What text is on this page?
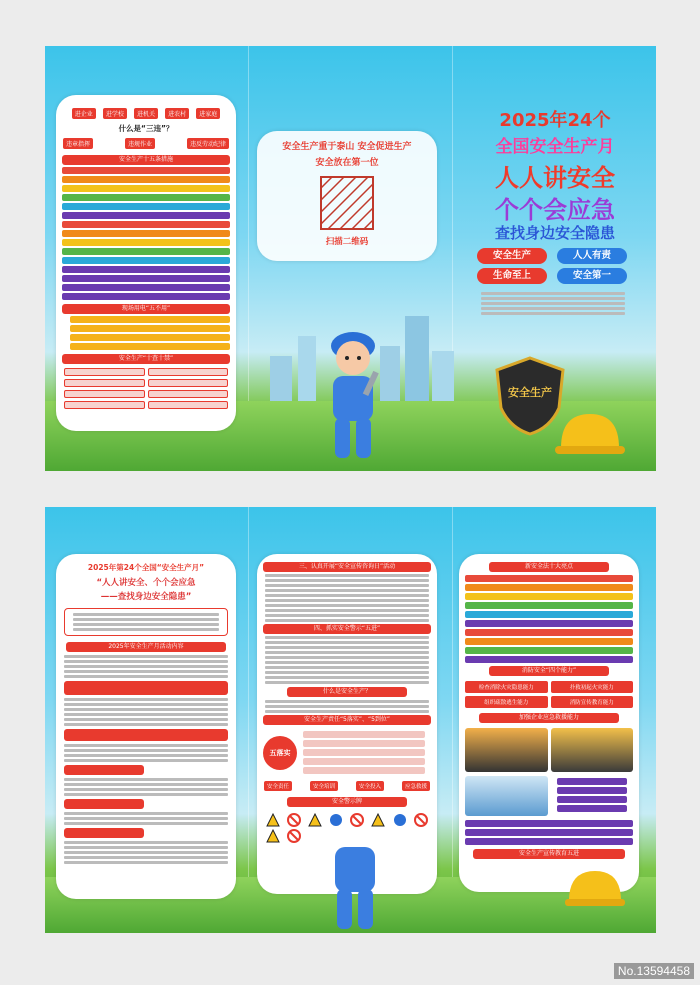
进企业 进学校 进机关 进农村 进家庭
什么是“三违”？
违章指挥	违规作业	违反劳动纪律
安全生产十五条措施
现场用电“五不用”
安全生产“十查十禁”
安全生产重于泰山 安全促进生产
安全放在第一位
扫描二维码
2025年24个
全国安全生产月
人人讲安全
个个会应急
查找身边安全隐患
安全生产	人人有责
生命至上	安全第一
安全生产
2025年第24个全国“安全生产月”
“人人讲安全、个个会应急
——查找身边安全隐患”
2025年安全生产月活动内容
三、认真开展“安全宣传咨询日”活动
四、抓实安全警示“五进”
什么是安全生产？
安全生产责任“5落实”、“5到位”
五落实
安全责任	安全培训	安全投入	应急救援
安全警示牌

新安全法十大亮点
消防安全“四个能力”
检查消除火灾隐患能力	扑救初起火灾能力
组织疏散逃生能力	消防宣传教育能力
加强企业应急救援能力
安全生产宣传教育五进
No.13594458
